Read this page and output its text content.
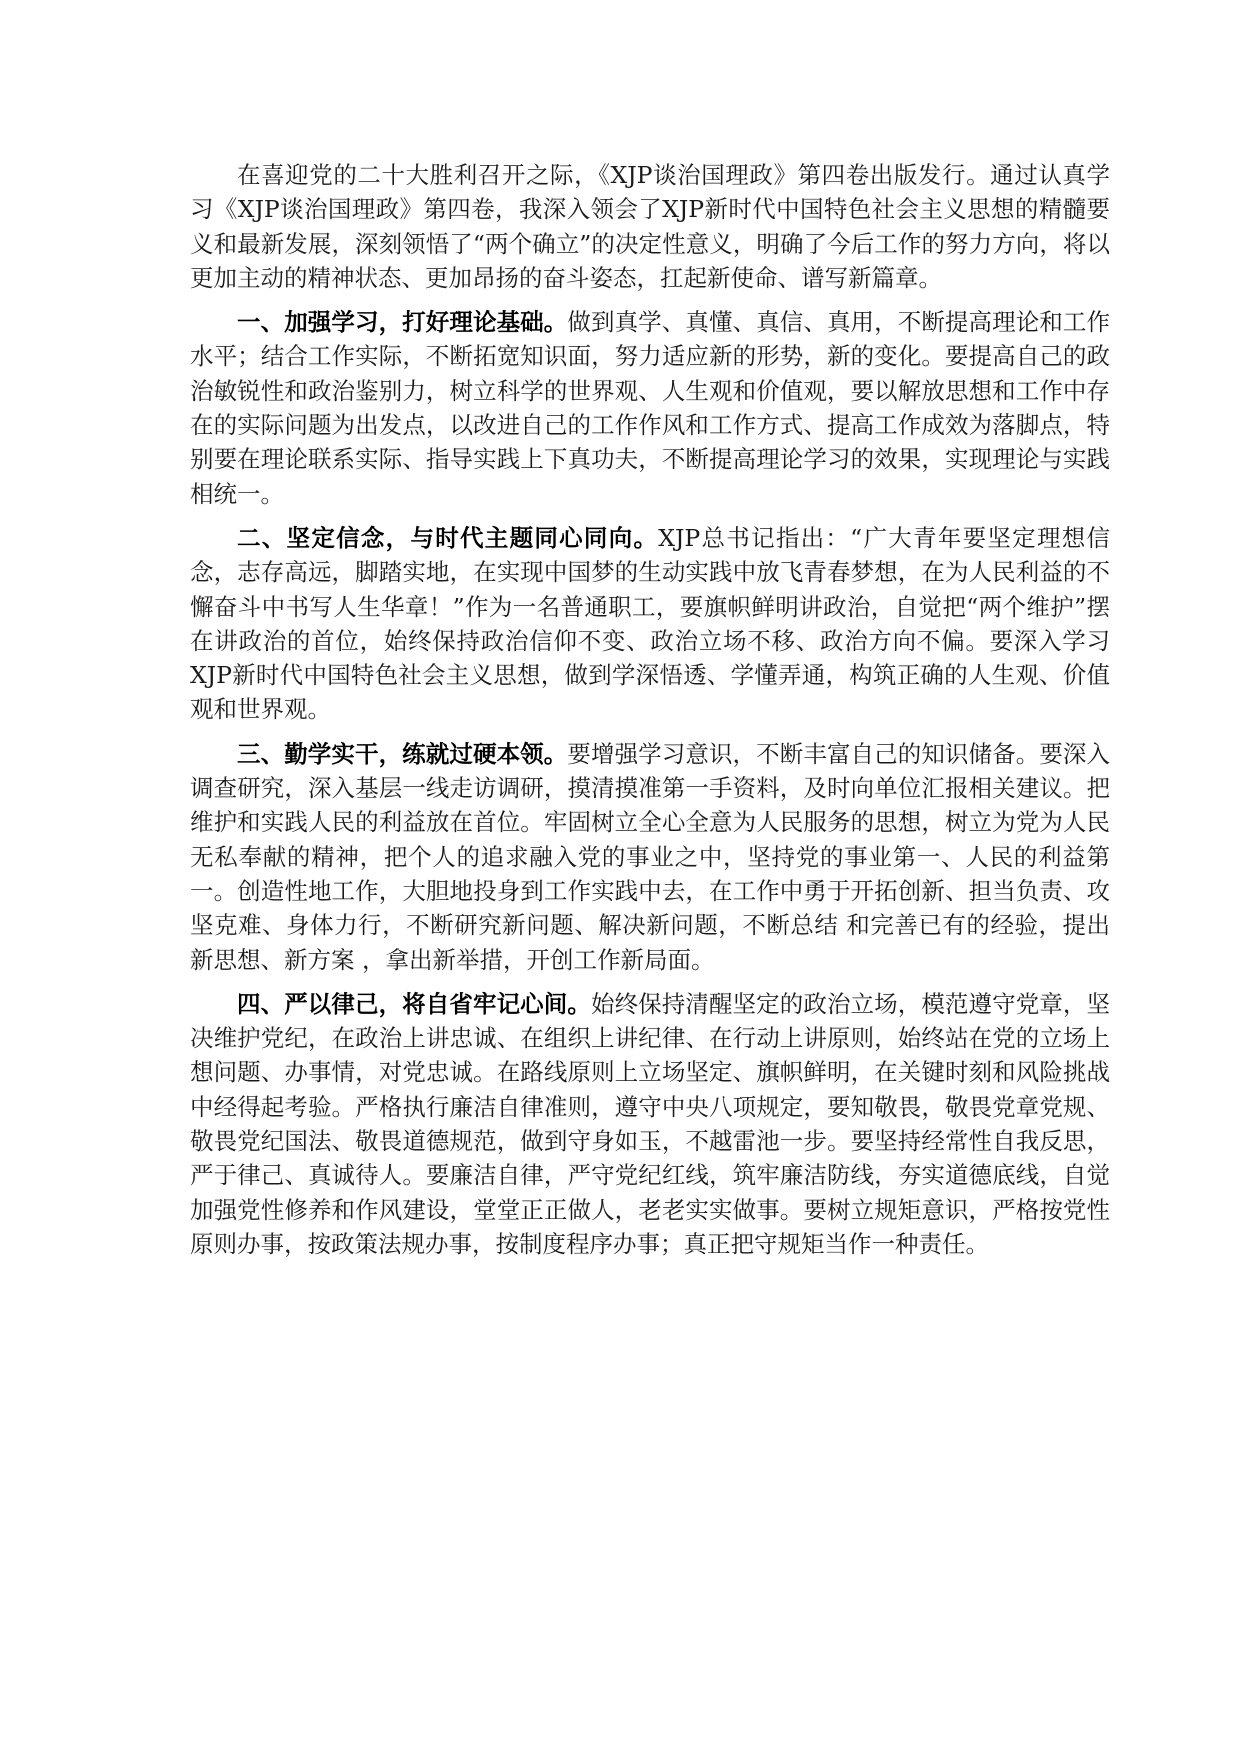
在喜迎党的二十大胜利召开之际，《XJP谈治国理政》第四卷出版发行。通过认真学习《XJP谈治国理政》第四卷，我深入领会了XJP新时代中国特色社会主义思想的精髓要义和最新发展，深刻领悟了“两个确立”的决定性意义，明确了今后工作的努力方向，将以更加主动的精神状态、更加昂扬的奋斗姿态，扛起新使命、谱写新篇章。

一、加强学习，打好理论基础。做到真学、真懂、真信、真用，不断提高理论和工作水平；结合工作实际，不断拓宽知识面，努力适应新的形势，新的变化。要提高自己的政治敏锐性和政治鉴别力，树立科学的世界观、人生观和价值观，要以解放思想和工作中存在的实际问题为出发点，以改进自己的工作作风和工作方式、提高工作成效为落脚点，特别要在理论联系实际、指导实践上下真功夫，不断提高理论学习的效果，实现理论与实践相统一。

二、坚定信念，与时代主题同心同向。XJP总书记指出：“广大青年要坚定理想信念，志存高远，脚踏实地，在实现中国梦的生动实践中放飞青春梦想，在为人民利益的不懈奋斗中书写人生华章！”作为一名普通职工，要旗帜鲜明讲政治，自觉把“两个维护”摆在讲政治的首位，始终保持政治信仰不变、政治立场不移、政治方向不偏。要深入学习XJP新时代中国特色社会主义思想，做到学深悟透、学懂弄通，构筑正确的人生观、价值观和世界观。

三、勤学实干，练就过硬本领。要增强学习意识，不断丰富自己的知识储备。要深入调查研究，深入基层一线走访调研，摸清摸准第一手资料，及时向单位汇报相关建议。把维护和实践人民的利益放在首位。牢固树立全心全意为人民服务的思想，树立为党为人民无私奉献的精神，把个人的追求融入党的事业之中，坚持党的事业第一、人民的利益第一。创造性地工作，大胆地投身到工作实践中去，在工作中勇于开拓创新、担当负责、攻坚克难、身体力行，不断研究新问题、解决新问题，不断总结 和完善已有的经验，提出新思想、新方案 ，拿出新举措，开创工作新局面。

四、严以律己，将自省牢记心间。始终保持清醒坚定的政治立场，模范遵守党章，坚决维护党纪，在政治上讲忠诚、在组织上讲纪律、在行动上讲原则，始终站在党的立场上想问题、办事情，对党忠诚。在路线原则上立场坚定、旗帜鲜明，在关键时刻和风险挑战中经得起考验。严格执行廉洁自律准则，遵守中央八项规定，要知敬畏，敬畏党章党规、敬畏党纪国法、敬畏道德规范，做到守身如玉，不越雷池一步。要坚持经常性自我反思，严于律己、真诚待人。要廉洁自律，严守党纪红线，筑牢廉洁防线，夯实道德底线，自觉加强党性修养和作风建设，堂堂正正做人，老老实实做事。要树立规矩意识，严格按党性原则办事，按政策法规办事，按制度程序办事；真正把守规矩当作一种责任。
